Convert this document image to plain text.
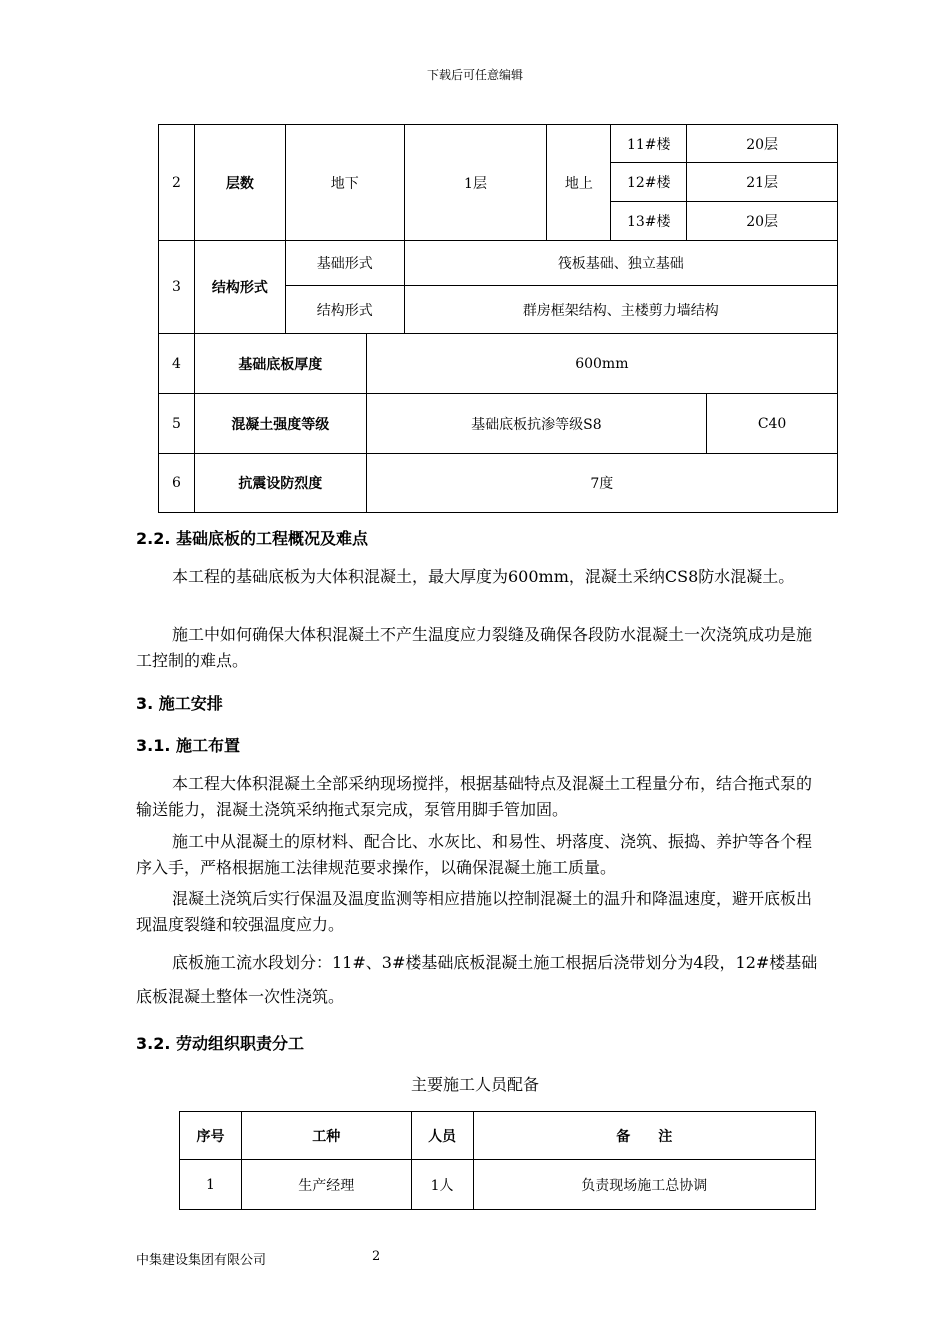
下载后可任意编辑
2	层数	地下	1层	地上	11#楼	20层
					12#楼	21层
					13#楼	20层
3	结构形式	基础形式	筏板基础、独立基础			
		结构形式	群房框架结构、主楼剪力墙结构			
4	基础底板厚度	600mm	
5	混凝土强度等级	基础底板抗渗等级S8	C40
6	抗震设防烈度	7度	
2.2. 基础底板的工程概况及难点
本工程的基础底板为大体积混凝土，最大厚度为600mm，混凝土采纳CS8防水混凝土。
施工中如何确保大体积混凝土不产生温度应力裂缝及确保各段防水混凝土一次浇筑成功是施工控制的难点。
3. 施工安排
3.1. 施工布置
本工程大体积混凝土全部采纳现场搅拌，根据基础特点及混凝土工程量分布，结合拖式泵的输送能力，混凝土浇筑采纳拖式泵完成，泵管用脚手管加固。
施工中从混凝土的原材料、配合比、水灰比、和易性、坍落度、浇筑、振捣、养护等各个程序入手，严格根据施工法律规范要求操作，以确保混凝土施工质量。
混凝土浇筑后实行保温及温度监测等相应措施以控制混凝土的温升和降温速度，避开底板出现温度裂缝和较强温度应力。
底板施工流水段划分：11#、3#楼基础底板混凝土施工根据后浇带划分为4段，12#楼基础底板混凝土整体一次性浇筑。
3.2. 劳动组织职责分工
主要施工人员配备
序号	工种	人员	备　　注
1	生产经理	1人	负责现场施工总协调
中集建设集团有限公司	2
